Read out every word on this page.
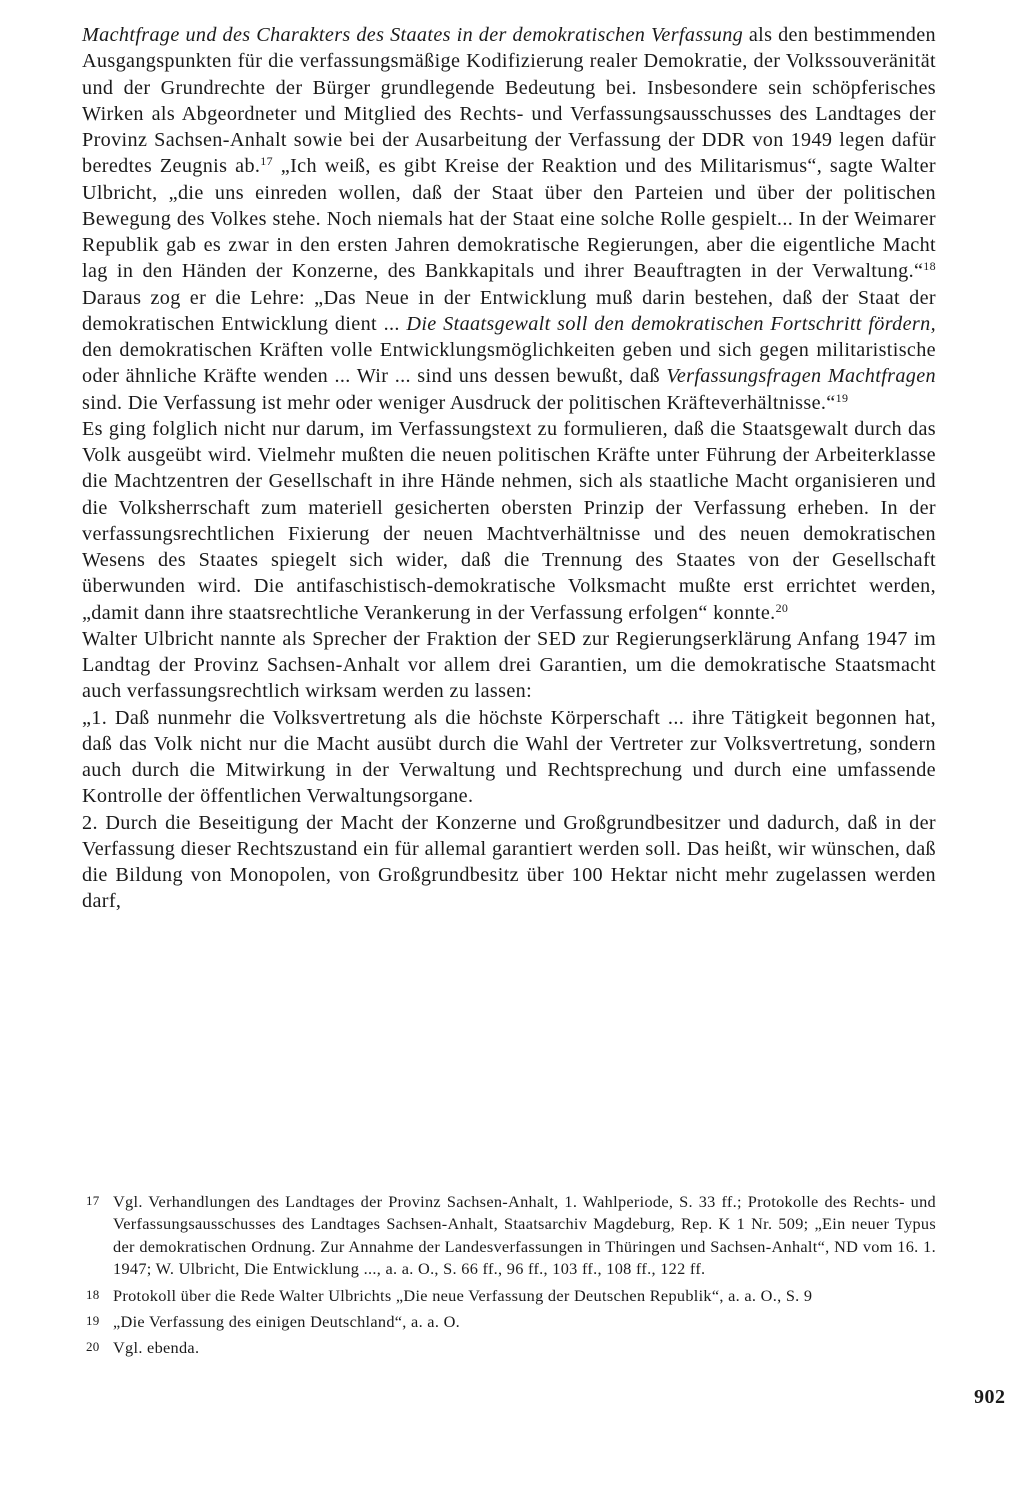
Machtfrage und des Charakters des Staates in der demokratischen Verfassung als den bestimmenden Ausgangspunkten für die verfassungsmäßige Kodifizierung realer Demokratie, der Volkssouveränität und der Grundrechte der Bürger grundlegende Bedeutung bei. Insbesondere sein schöpferisches Wirken als Abgeordneter und Mitglied des Rechts- und Verfassungsausschusses des Landtages der Provinz Sachsen-Anhalt sowie bei der Ausarbeitung der Verfassung der DDR von 1949 legen dafür beredtes Zeugnis ab.$^{17}$ „Ich weiß, es gibt Kreise der Reaktion und des Militarismus“, sagte Walter Ulbricht, „die uns einreden wollen, daß der Staat über den Parteien und über der politischen Bewegung des Volkes stehe. Noch niemals hat der Staat eine solche Rolle gespielt... In der Weimarer Republik gab es zwar in den ersten Jahren demokratische Regierungen, aber die eigentliche Macht lag in den Händen der Konzerne, des Bankkapitals und ihrer Beauftragten in der Verwaltung.“$^{18}$ Daraus zog er die Lehre: „Das Neue in der Entwicklung muß darin bestehen, daß der Staat der demokratischen Entwicklung dient ... Die Staatsgewalt soll den demokratischen Fortschritt fördern, den demokratischen Kräften volle Entwicklungsmöglichkeiten geben und sich gegen militaristische oder ähnliche Kräfte wenden ... Wir ... sind uns dessen bewußt, daß Verfassungsfragen Machtfragen sind. Die Verfassung ist mehr oder weniger Ausdruck der politischen Kräfteverhältnisse.“$^{19}$

Es ging folglich nicht nur darum, im Verfassungstext zu formulieren, daß die Staatsgewalt durch das Volk ausgeübt wird. Vielmehr mußten die neuen politischen Kräfte unter Führung der Arbeiterklasse die Machtzentren der Gesellschaft in ihre Hände nehmen, sich als staatliche Macht organisieren und die Volksherrschaft zum materiell gesicherten obersten Prinzip der Verfassung erheben. In der verfassungsrechtlichen Fixierung der neuen Machtverhältnisse und des neuen demokratischen Wesens des Staates spiegelt sich wider, daß die Trennung des Staates von der Gesellschaft überwunden wird. Die antifaschistisch-demokratische Volksmacht mußte erst errichtet werden, „damit dann ihre staatsrechtliche Verankerung in der Verfassung erfolgen“ konnte.$^{20}$

Walter Ulbricht nannte als Sprecher der Fraktion der SED zur Regierungserklärung Anfang 1947 im Landtag der Provinz Sachsen-Anhalt vor allem drei Garantien, um die demokratische Staatsmacht auch verfassungsrechtlich wirksam werden zu lassen:

„1. Daß nunmehr die Volksvertretung als die höchste Körperschaft ... ihre Tätigkeit begonnen hat, daß das Volk nicht nur die Macht ausübt durch die Wahl der Vertreter zur Volksvertretung, sondern auch durch die Mitwirkung in der Verwaltung und Rechtsprechung und durch eine umfassende Kontrolle der öffentlichen Verwaltungsorgane.

2. Durch die Beseitigung der Macht der Konzerne und Großgrundbesitzer und dadurch, daß in der Verfassung dieser Rechtszustand ein für allemal garantiert werden soll. Das heißt, wir wünschen, daß die Bildung von Monopolen, von Großgrundbesitz über 100 Hektar nicht mehr zugelassen werden darf,

17 Vgl. Verhandlungen des Landtages der Provinz Sachsen-Anhalt, 1. Wahlperiode, S. 33 ff.; Protokolle des Rechts- und Verfassungsausschusses des Landtages Sachsen-Anhalt, Staatsarchiv Magdeburg, Rep. K 1 Nr. 509; „Ein neuer Typus der demokratischen Ordnung. Zur Annahme der Landesverfassungen in Thüringen und Sachsen-Anhalt“, ND vom 16. 1. 1947; W. Ulbricht, Die Entwicklung ..., a. a. O., S. 66 ff., 96 ff., 103 ff., 108 ff., 122 ff.
18 Protokoll über die Rede Walter Ulbrichts „Die neue Verfassung der Deutschen Republik“, a. a. O., S. 9
19 „Die Verfassung des einigen Deutschland“, a. a. O.
20 Vgl. ebenda.
902
